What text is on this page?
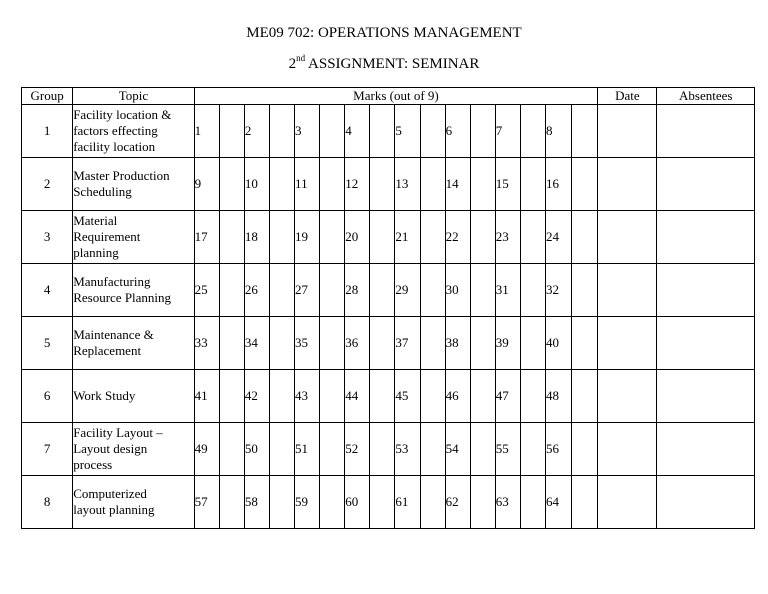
ME09 702: OPERATIONS MANAGEMENT
2nd ASSIGNMENT: SEMINAR
Group	Topic	Marks (out of 9)																Date	Absentees
1	Facility location &
factors effecting
facility location	1		2		3		4		5		6		7		8			
2	Master Production
Scheduling	9		10		11		12		13		14		15		16			
3	Material
Requirement
planning	17		18		19		20		21		22		23		24			
4	Manufacturing
Resource Planning	25		26		27		28		29		30		31		32			
5	Maintenance &
Replacement	33		34		35		36		37		38		39		40			
6	Work Study	41		42		43		44		45		46		47		48			
7	Facility Layout –
Layout design
process	49		50		51		52		53		54		55		56			
8	Computerized
layout planning	57		58		59		60		61		62		63		64			
